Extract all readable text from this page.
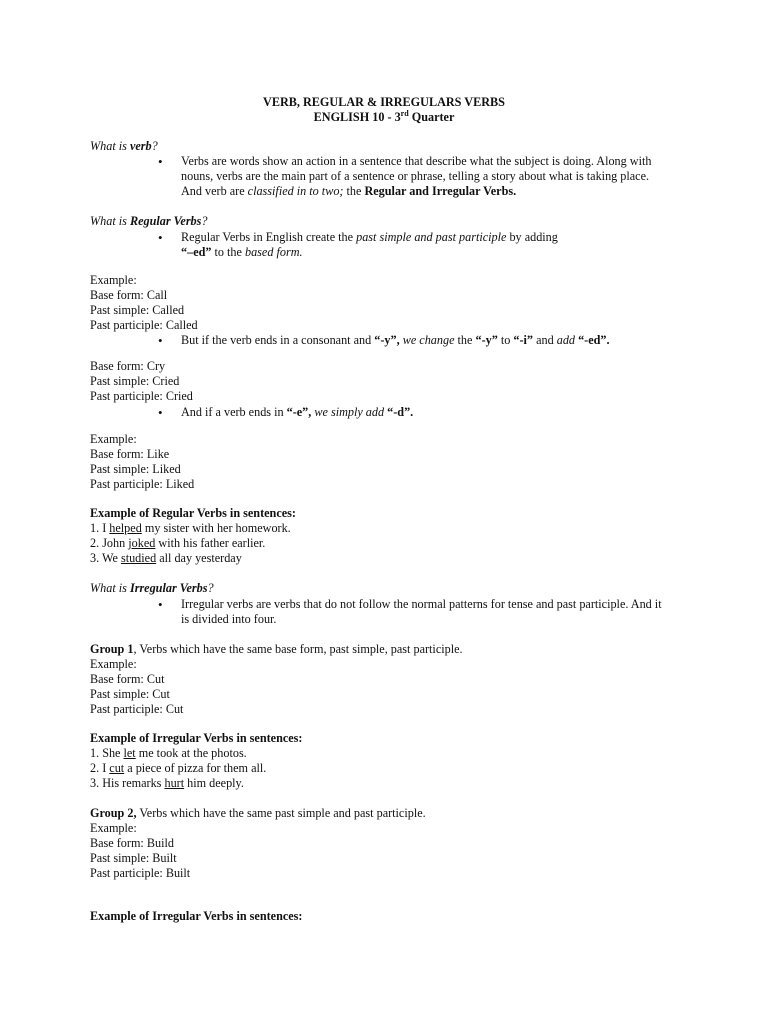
VERB, REGULAR & IRREGULARS VERBS
ENGLISH 10 - 3rd Quarter
What is verb?
• Verbs are words show an action in a sentence that describe what the subject is doing. Along with
nouns, verbs are the main part of a sentence or phrase, telling a story about what is taking place.
And verb are classified in to two; the Regular and Irregular Verbs.
What is Regular Verbs?
• Regular Verbs in English create the past simple and past participle by adding
“–ed” to the based form.
Example:
Base form: Call
Past simple: Called
Past participle: Called
• But if the verb ends in a consonant and “-y”, we change the “-y” to “-i” and add “-ed”.
Base form: Cry
Past simple: Cried
Past participle: Cried
• And if a verb ends in “-e”, we simply add “-d”.
Example:
Base form: Like
Past simple: Liked
Past participle: Liked
Example of Regular Verbs in sentences:
1. I helped my sister with her homework.
2. John joked with his father earlier.
3. We studied all day yesterday
What is Irregular Verbs?
• Irregular verbs are verbs that do not follow the normal patterns for tense and past participle. And it
is divided into four.
Group 1, Verbs which have the same base form, past simple, past participle.
Example:
Base form: Cut
Past simple: Cut
Past participle: Cut
Example of Irregular Verbs in sentences:
1. She let me took at the photos.
2. I cut a piece of pizza for them all.
3. His remarks hurt him deeply.
Group 2, Verbs which have the same past simple and past participle.
Example:
Base form: Build
Past simple: Built
Past participle: Built
Example of Irregular Verbs in sentences:
